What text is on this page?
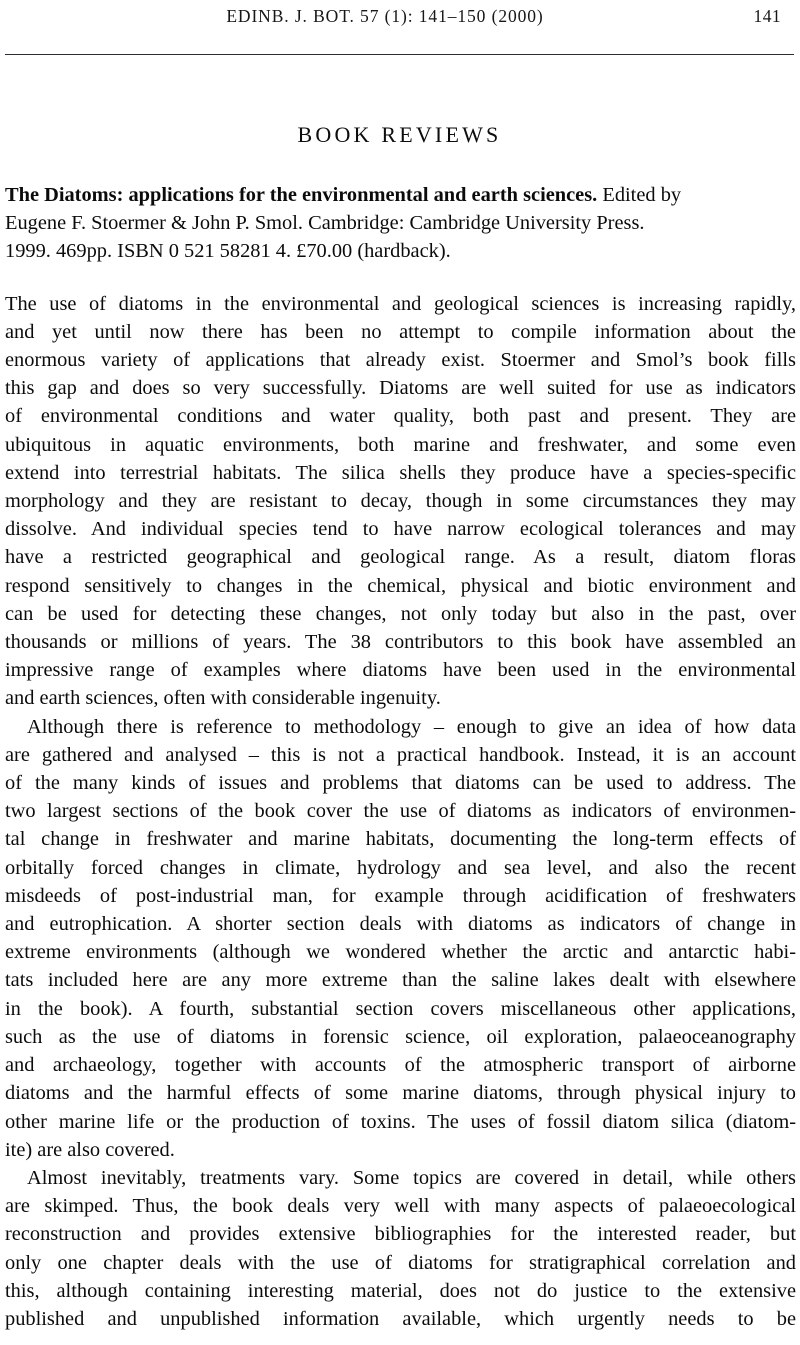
EDINB. J. BOT. 57 (1): 141–150 (2000)	141
BOOK REVIEWS
The Diatoms: applications for the environmental and earth sciences. Edited by
Eugene F. Stoermer & John P. Smol. Cambridge: Cambridge University Press.
1999. 469pp. ISBN 0 521 58281 4. £70.00 (hardback).
The use of diatoms in the environmental and geological sciences is increasing rapidly,
and yet until now there has been no attempt to compile information about the
enormous variety of applications that already exist. Stoermer and Smol’s book fills
this gap and does so very successfully. Diatoms are well suited for use as indicators
of environmental conditions and water quality, both past and present. They are
ubiquitous in aquatic environments, both marine and freshwater, and some even
extend into terrestrial habitats. The silica shells they produce have a species-specific
morphology and they are resistant to decay, though in some circumstances they may
dissolve. And individual species tend to have narrow ecological tolerances and may
have a restricted geographical and geological range. As a result, diatom floras
respond sensitively to changes in the chemical, physical and biotic environment and
can be used for detecting these changes, not only today but also in the past, over
thousands or millions of years. The 38 contributors to this book have assembled an
impressive range of examples where diatoms have been used in the environmental
and earth sciences, often with considerable ingenuity.
Although there is reference to methodology – enough to give an idea of how data
are gathered and analysed – this is not a practical handbook. Instead, it is an account
of the many kinds of issues and problems that diatoms can be used to address. The
two largest sections of the book cover the use of diatoms as indicators of environmen-
tal change in freshwater and marine habitats, documenting the long-term effects of
orbitally forced changes in climate, hydrology and sea level, and also the recent
misdeeds of post-industrial man, for example through acidification of freshwaters
and eutrophication. A shorter section deals with diatoms as indicators of change in
extreme environments (although we wondered whether the arctic and antarctic habi-
tats included here are any more extreme than the saline lakes dealt with elsewhere
in the book). A fourth, substantial section covers miscellaneous other applications,
such as the use of diatoms in forensic science, oil exploration, palaeoceanography
and archaeology, together with accounts of the atmospheric transport of airborne
diatoms and the harmful effects of some marine diatoms, through physical injury to
other marine life or the production of toxins. The uses of fossil diatom silica (diatom-
ite) are also covered.
Almost inevitably, treatments vary. Some topics are covered in detail, while others
are skimped. Thus, the book deals very well with many aspects of palaeoecological
reconstruction and provides extensive bibliographies for the interested reader, but
only one chapter deals with the use of diatoms for stratigraphical correlation and
this, although containing interesting material, does not do justice to the extensive
published and unpublished information available, which urgently needs to be
